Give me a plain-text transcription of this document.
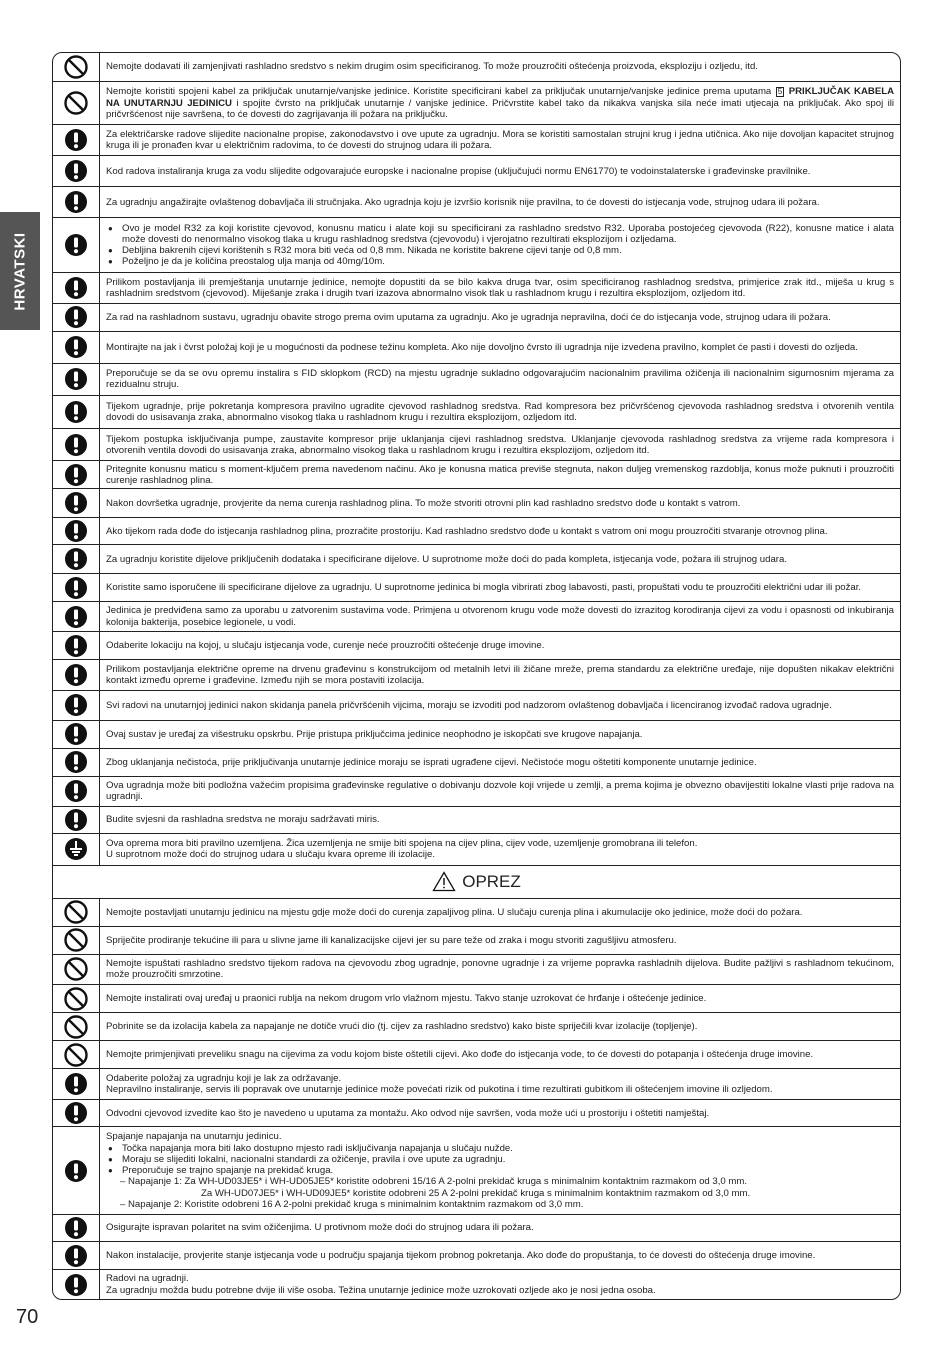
HRVATSKI

Nemojte dodavati ili zamjenjivati rashladno sredstvo s nekim drugim osim specificiranog. To može prouzročiti oštećenja proizvoda, eksploziju i ozljedu, itd.

Nemojte koristiti spojeni kabel za priključak unutarnje/vanjske jedinice. Koristite specificirani kabel za priključak unutarnje/vanjske jedinice prema uputama 5 PRIKLJUČAK KABELA NA UNUTARNJU JEDINICU i spojite čvrsto na priključak unutarnje / vanjske jedinice. Pričvrstite kabel tako da nikakva vanjska sila neće imati utjecaja na priključak. Ako spoj ili pričvršćenost nije savršena, to će dovesti do zagrijavanja ili požara na priključku.

Za električarske radove slijedite nacionalne propise, zakonodavstvo i ove upute za ugradnju. Mora se koristiti samostalan strujni krug i jedna utičnica. Ako nije dovoljan kapacitet strujnog kruga ili je pronađen kvar u električnim radovima, to će dovesti do strujnog udara ili požara.

Kod radova instaliranja kruga za vodu slijedite odgovarajuće europske i nacionalne propise (uključujući normu EN61770) te vodoinstalaterske i građevinske pravilnike.

Za ugradnju angažirajte ovlaštenog dobavljača ili stručnjaka. Ako ugradnja koju je izvršio korisnik nije pravilna, to će dovesti do istjecanja vode, strujnog udara ili požara.

● Ovo je model R32 za koji koristite cjevovod, konusnu maticu i alate koji su specificirani za rashladno sredstvo R32. Uporaba postojećeg cjevovoda (R22), konusne matice i alata može dovesti do nenormalno visokog tlaka u krugu rashladnog sredstva (cjevovodu) i vjerojatno rezultirati eksplozijom i ozljedama.
● Debljina bakrenih cijevi korištenih s R32 mora biti veća od 0,8 mm. Nikada ne koristite bakrene cijevi tanje od 0,8 mm.
● Poželjno je da je količina preostalog ulja manja od 40mg/10m.

Prilikom postavljanja ili premještanja unutarnje jedinice, nemojte dopustiti da se bilo kakva druga tvar, osim specificiranog rashladnog sredstva, primjerice zrak itd., miješa u krug s rashladnim sredstvom (cjevovod). Miješanje zraka i drugih tvari izazova abnormalno visok tlak u rashladnom krugu i rezultira eksplozijom, ozljedom itd.

Za rad na rashladnom sustavu, ugradnju obavite strogo prema ovim uputama za ugradnju. Ako je ugradnja nepravilna, doći će do istjecanja vode, strujnog udara ili požara.

Montirajte na jak i čvrst položaj koji je u mogućnosti da podnese težinu kompleta. Ako nije dovoljno čvrsto ili ugradnja nije izvedena pravilno, komplet će pasti i dovesti do ozljeda.

Preporučuje se da se ovu opremu instalira s FID sklopkom (RCD) na mjestu ugradnje sukladno odgovarajućim nacionalnim pravilima ožičenja ili nacionalnim sigurnosnim mjerama za rezidualnu struju.

Tijekom ugradnje, prije pokretanja kompresora pravilno ugradite cjevovod rashladnog sredstva. Rad kompresora bez pričvršćenog cjevovoda rashladnog sredstva i otvorenih ventila dovodi do usisavanja zraka, abnormalno visokog tlaka u rashladnom krugu i rezultira eksplozijom, ozljedom itd.

Tijekom postupka isključivanja pumpe, zaustavite kompresor prije uklanjanja cijevi rashladnog sredstva. Uklanjanje cjevovoda rashladnog sredstva za vrijeme rada kompresora i otvorenih ventila dovodi do usisavanja zraka, abnormalno visokog tlaka u rashladnom krugu i rezultira eksplozijom, ozljedom itd.

Pritegnite konusnu maticu s moment-ključem prema navedenom načinu. Ako je konusna matica previše stegnuta, nakon duljeg vremenskog razdoblja, konus može puknuti i prouzročiti curenje rashladnog plina.

Nakon dovršetka ugradnje, provjerite da nema curenja rashladnog plina. To može stvoriti otrovni plin kad rashladno sredstvo dođe u kontakt s vatrom.

Ako tijekom rada dođe do istjecanja rashladnog plina, prozračite prostoriju. Kad rashladno sredstvo dođe u kontakt s vatrom oni mogu prouzročiti stvaranje otrovnog plina.

Za ugradnju koristite dijelove priključenih dodataka i specificirane dijelove. U suprotnome može doći do pada kompleta, istjecanja vode, požara ili strujnog udara.

Koristite samo isporučene ili specificirane dijelove za ugradnju. U suprotnome jedinica bi mogla vibrirati zbog labavosti, pasti, propuštati vodu te prouzročiti električni udar ili požar.

Jedinica je predviđena samo za uporabu u zatvorenim sustavima vode. Primjena u otvorenom krugu vode može dovesti do izrazitog korodiranja cijevi za vodu i opasnosti od inkubiranja kolonija bakterija, posebice legionele, u vodi.

Odaberite lokaciju na kojoj, u slučaju istjecanja vode, curenje neće prouzročiti oštećenje druge imovine.

Prilikom postavljanja električne opreme na drvenu građevinu s konstrukcijom od metalnih letvi ili žičane mreže, prema standardu za električne uređaje, nije dopušten nikakav električni kontakt između opreme i građevine. Između njih se mora postaviti izolacija.

Svi radovi na unutarnjoj jedinici nakon skidanja panela pričvršćenih vijcima, moraju se izvoditi pod nadzorom ovlaštenog dobavljača i licenciranog izvođač radova ugradnje.

Ovaj sustav je uređaj za višestruku opskrbu. Prije pristupa priključcima jedinice neophodno je iskopčati sve krugove napajanja.

Zbog uklanjanja nečistoća, prije priključivanja unutarnje jedinice moraju se isprati ugrađene cijevi. Nečistoće mogu oštetiti komponente unutarnje jedinice.

Ova ugradnja može biti podložna važećim propisima građevinske regulative o dobivanju dozvole koji vrijede u zemlji, a prema kojima je obvezno obavijestiti lokalne vlasti prije radova na ugradnji.

Budite svjesni da rashladna sredstva ne moraju sadržavati miris.

Ova oprema mora biti pravilno uzemljena. Žica uzemljenja ne smije biti spojena na cijev plina, cijev vode, uzemljenje gromobrana ili telefon.

U suprotnom može doći do strujnog udara u slučaju kvara opreme ili izolacije.

OPREZ

Nemojte postavljati unutarnju jedinicu na mjestu gdje može doći do curenja zapaljivog plina. U slučaju curenja plina i akumulacije oko jedinice, može doći do požara.

Spriječite prodiranje tekućine ili para u slivne jame ili kanalizacijske cijevi jer su pare teže od zraka i mogu stvoriti zagušljivu atmosferu.

Nemojte ispuštati rashladno sredstvo tijekom radova na cjevovodu zbog ugradnje, ponovne ugradnje i za vrijeme popravka rashladnih dijelova. Budite pažljivi s rashladnom tekućinom, može prouzročiti smrzotine.

Nemojte instalirati ovaj uređaj u praonici rublja na nekom drugom vrlo vlažnom mjestu. Takvo stanje uzrokovat će hrđanje i oštećenje jedinice.

Pobrinite se da izolacija kabela za napajanje ne dotiče vrući dio (tj. cijev za rashladno sredstvo) kako biste spriječili kvar izolacije (topljenje).

Nemojte primjenjivati preveliku snagu na cijevima za vodu kojom biste oštetili cijevi. Ako dođe do istjecanja vode, to će dovesti do potapanja i oštećenja druge imovine.

Odaberite položaj za ugradnju koji je lak za održavanje.

Nepravilno instaliranje, servis ili popravak ove unutarnje jedinice može povećati rizik od pukotina i time rezultirati gubitkom ili oštećenjem imovine ili ozljedom.

Odvodni cjevovod izvedite kao što je navedeno u uputama za montažu. Ako odvod nije savršen, voda može ući u prostoriju i oštetiti namještaj.

Spajanje napajanja na unutarnju jedinicu.

● Točka napajanja mora biti lako dostupno mjesto radi isključivanja napajanja u slučaju nužde.
● Moraju se slijediti lokalni, nacionalni standardi za ožičenje, pravila i ove upute za ugradnju.
● Preporučuje se trajno spajanje na prekidač kruga.

– Napajanje 1: Za WH-UD03JE5* i WH-UD05JE5* koristite odobreni 15/16 A 2-polni prekidač kruga s minimalnim kontaktnim razmakom od 3,0 mm.

Za WH-UD07JE5* i WH-UD09JE5* koristite odobreni 25 A 2-polni prekidač kruga s minimalnim kontaktnim razmakom od 3,0 mm.

– Napajanje 2: Koristite odobreni 16 A 2-polni prekidač kruga s minimalnim kontaktnim razmakom od 3,0 mm.

Osigurajte ispravan polaritet na svim ožičenjima. U protivnom može doći do strujnog udara ili požara.

Nakon instalacije, provjerite stanje istjecanja vode u području spajanja tijekom probnog pokretanja. Ako dođe do propuštanja, to će dovesti do oštećenja druge imovine.

Radovi na ugradnji.

Za ugradnju možda budu potrebne dvije ili više osoba. Težina unutarnje jedinice može uzrokovati ozljede ako je nosi jedna osoba.

70
